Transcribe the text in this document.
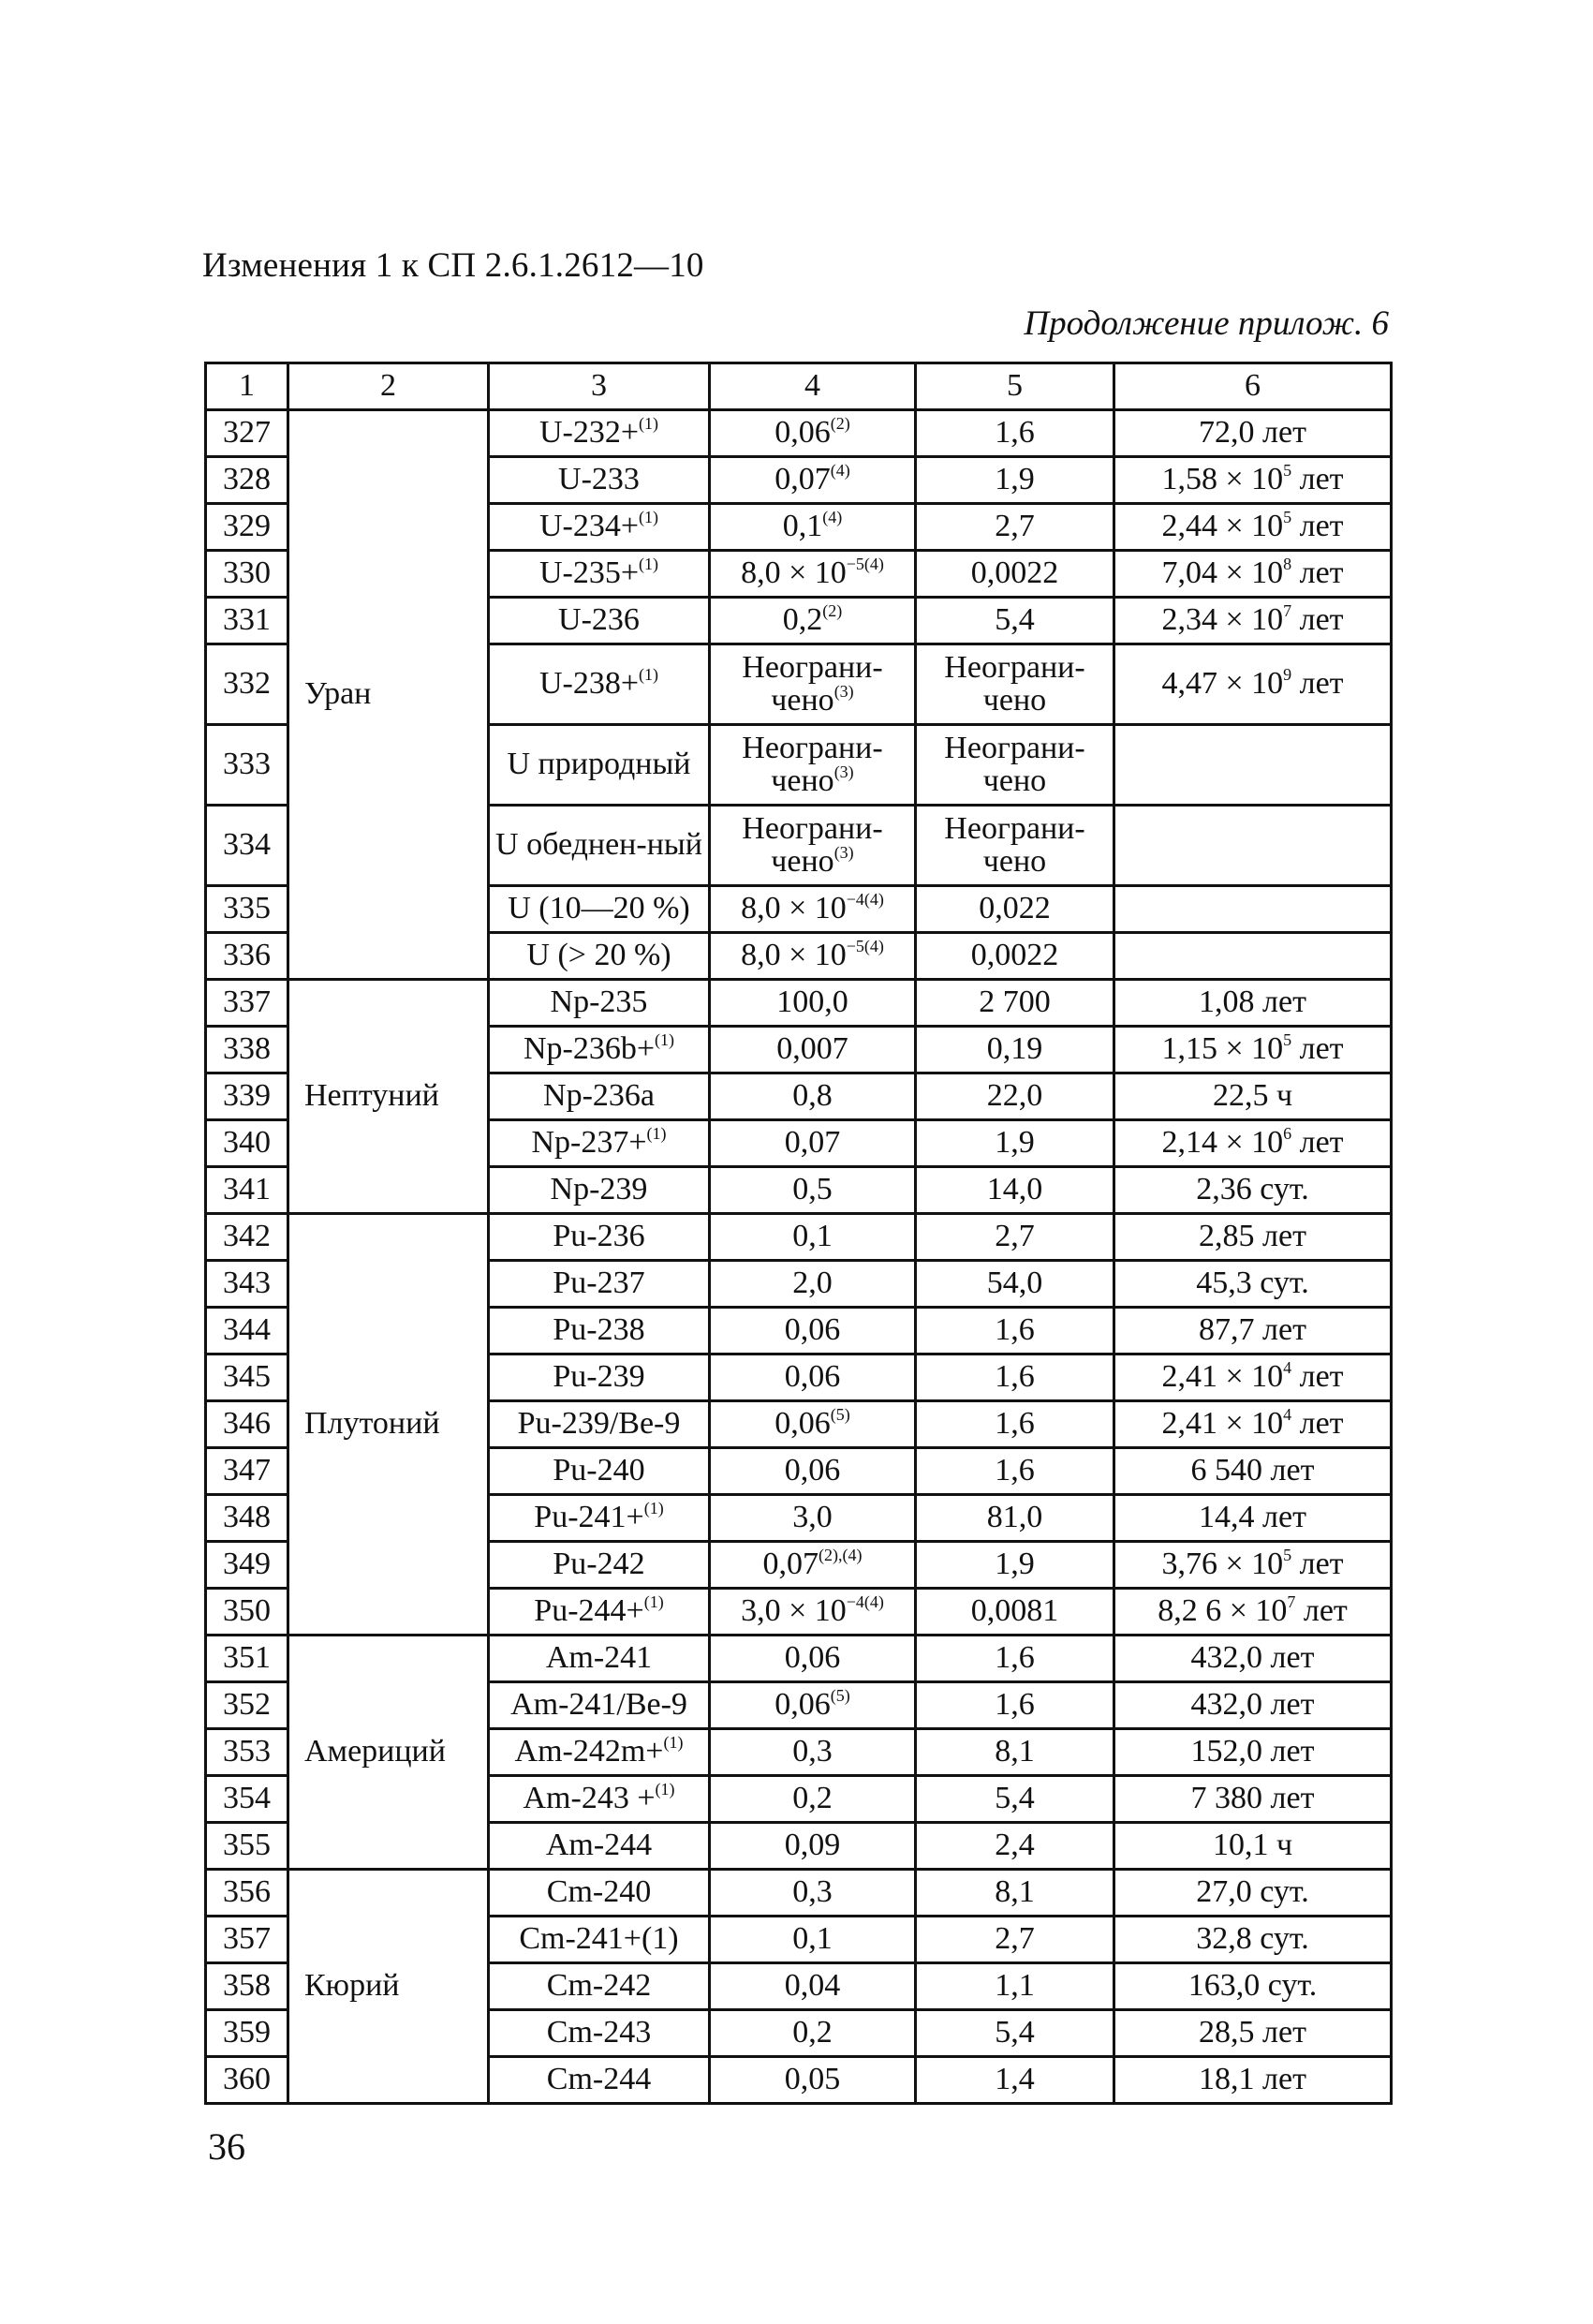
Изменения 1 к СП 2.6.1.2612—10
Продолжение прилож. 6
1	2	3	4	5	6
327	Уран	U-232+$^{(1)}$	0,06$^{(2)}$	1,6	72,0 лет
328		U-233	0,07$^{(4)}$	1,9	$1,58 \times 10^5$ лет
329		U-234+$^{(1)}$	0,1$^{(4)}$	2,7	$2,44 \times 10^5$ лет
330		U-235+$^{(1)}$	$8,0 \times 10^{-5(4)}$	0,0022	$7,04 \times 10^8$ лет
331		U-236	0,2$^{(2)}$	5,4	$2,34 \times 10^7$ лет
332		U-238+$^{(1)}$	Неограни-чено$^{(3)}$	Неограни-чено	$4,47 \times 10^9$ лет
333		U природный	Неограни-чено$^{(3)}$	Неограни-чено	
334		U обеднен-ный	Неограни-чено$^{(3)}$	Неограни-чено	
335		U (10—20 %)	$8,0 \times 10^{-4(4)}$	0,022	
336		U (> 20 %)	$8,0 \times 10^{-5(4)}$	0,0022	
337	Нептуний	Np-235	100,0	2 700	1,08 лет
338		Np-236b+$^{(1)}$	0,007	0,19	$1,15 \times 10^5$ лет
339		Np-236a	0,8	22,0	22,5 ч
340		Np-237+$^{(1)}$	0,07	1,9	$2,14 \times 10^6$ лет
341		Np-239	0,5	14,0	2,36 сут.
342	Плутоний	Pu-236	0,1	2,7	2,85 лет
343		Pu-237	2,0	54,0	45,3 сут.
344		Pu-238	0,06	1,6	87,7 лет
345		Pu-239	0,06	1,6	$2,41 \times 10^4$ лет
346		Pu-239/Be-9	0,06$^{(5)}$	1,6	$2,41 \times 10^4$ лет
347		Pu-240	0,06	1,6	6 540 лет
348		Pu-241+$^{(1)}$	3,0	81,0	14,4 лет
349		Pu-242	$0,07^{(2),(4)}$	1,9	$3,76 \times 10^5$ лет
350		Pu-244+$^{(1)}$	$3,0 \times 10^{-4(4)}$	0,0081	8,2 $6 \times 10^7$ лет
351	Америций	Am-241	0,06	1,6	432,0 лет
352		Am-241/Be-9	0,06$^{(5)}$	1,6	432,0 лет
353		Am-242m+$^{(1)}$	0,3	8,1	152,0 лет
354		Am-243 +$^{(1)}$	0,2	5,4	7 380 лет
355		Am-244	0,09	2,4	10,1 ч
356	Кюрий	Cm-240	0,3	8,1	27,0 сут.
357		Cm-241+(1)	0,1	2,7	32,8 сут.
358		Cm-242	0,04	1,1	163,0 сут.
359		Cm-243	0,2	5,4	28,5 лет
360		Cm-244	0,05	1,4	18,1 лет
36
